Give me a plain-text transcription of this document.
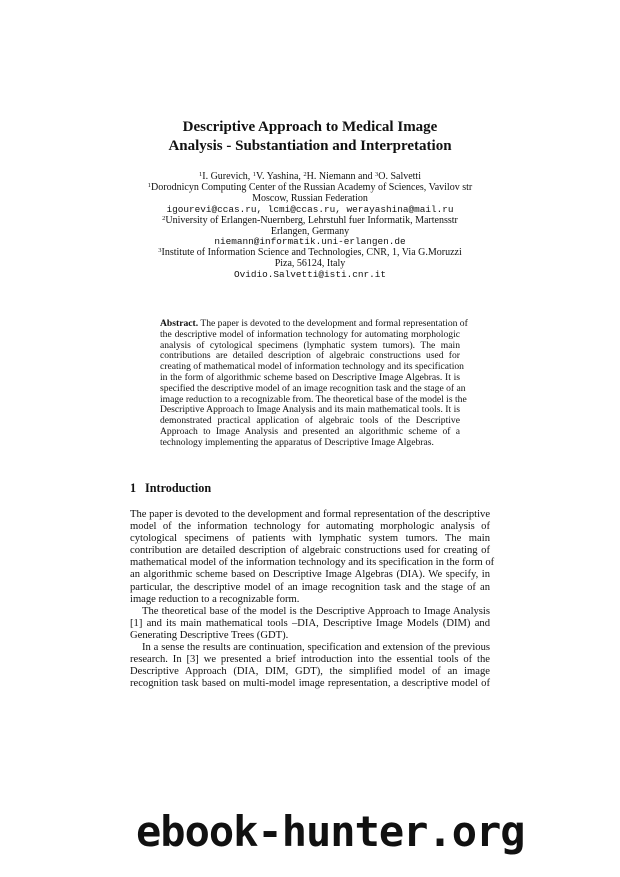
Descriptive Approach to Medical Image
Analysis - Substantiation and Interpretation
$^1$I. Gurevich, $^1$V. Yashina, $^2$H. Niemann and $^3$O. Salvetti
$^1$Dorodnicyn Computing Center of the Russian Academy of Sciences, Vavilov str
Moscow, Russian Federation
igourevi@ccas.ru, lcmi@ccas.ru, werayashina@mail.ru
$^2$University of Erlangen-Nuernberg, Lehrstuhl fuer Informatik, Martensstr
Erlangen, Germany
niemann@informatik.uni-erlangen.de
$^3$Institute of Information Science and Technologies, CNR, 1, Via G.Moruzzi
Piza, 56124, Italy
Ovidio.Salvetti@isti.cnr.it
Abstract. The paper is devoted to the development and formal representation of
the descriptive model of information technology for automating morphologic
analysis of cytological specimens (lymphatic system tumors). The main
contributions are detailed description of algebraic constructions used for
creating of mathematical model of information technology and its specification
in the form of algorithmic scheme based on Descriptive Image Algebras. It is
specified the descriptive model of an image recognition task and the stage of an
image reduction to a recognizable from. The theoretical base of the model is the
Descriptive Approach to Image Analysis and its main mathematical tools. It is
demonstrated practical application of algebraic tools of the Descriptive
Approach to Image Analysis and presented an algorithmic scheme of a
technology implementing the apparatus of Descriptive Image Algebras.
1 Introduction
The paper is devoted to the development and formal representation of the descriptive
model of the information technology for automating morphologic analysis of
cytological specimens of patients with lymphatic system tumors. The main
contribution are detailed description of algebraic constructions used for creating of
mathematical model of the information technology and its specification in the form of
an algorithmic scheme based on Descriptive Image Algebras (DIA). We specify, in
particular, the descriptive model of an image recognition task and the stage of an
image reduction to a recognizable form.
The theoretical base of the model is the Descriptive Approach to Image Analysis
[1] and its main mathematical tools –DIA, Descriptive Image Models (DIM) and
Generating Descriptive Trees (GDT).
In a sense the results are continuation, specification and extension of the previous
research. In [3] we presented a brief introduction into the essential tools of the
Descriptive Approach (DIA, DIM, GDT), the simplified model of an image
recognition task based on multi-model image representation, a descriptive model of
ebook-hunter.org
